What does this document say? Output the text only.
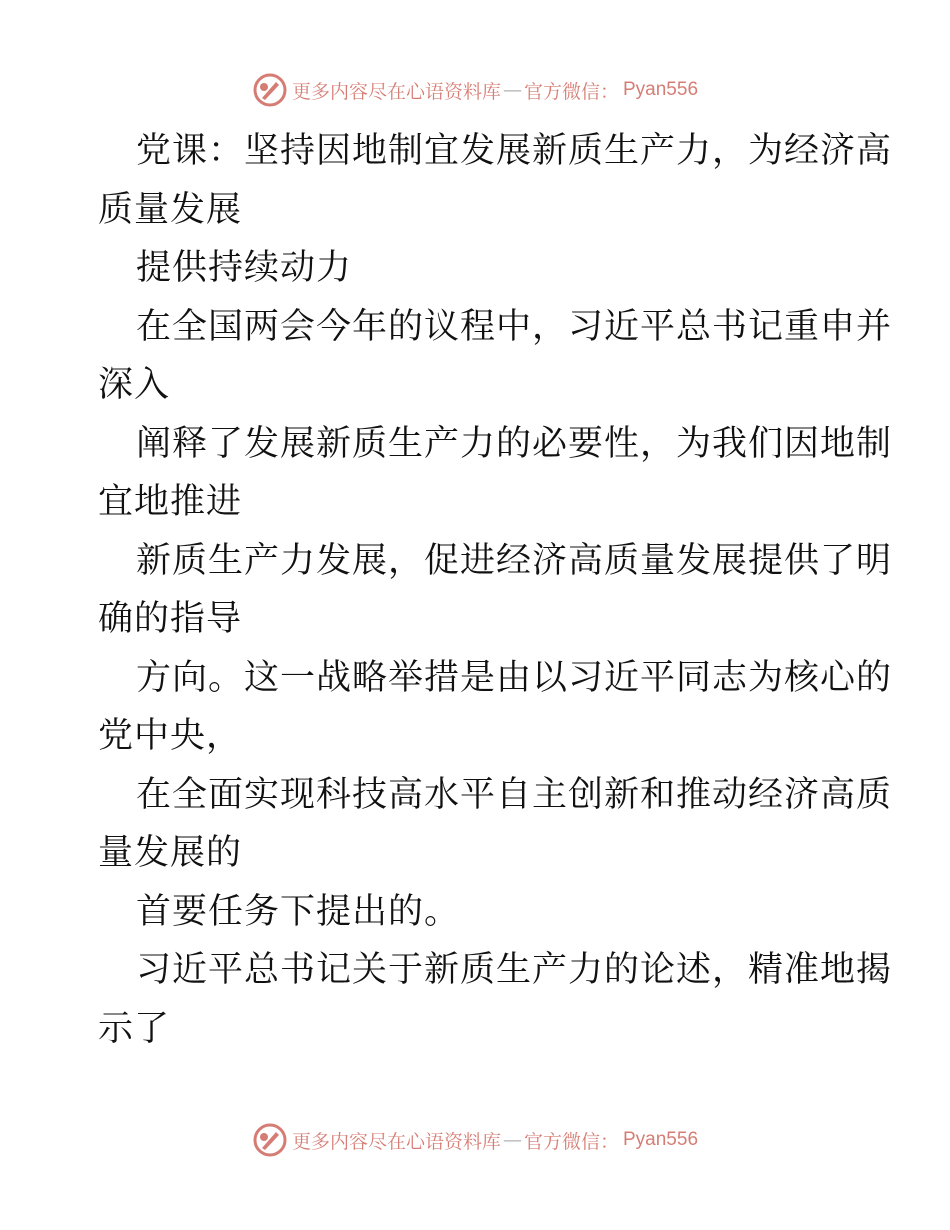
更多内容尽在心语资料库 — 官方微信： Pyan556
党课：坚持因地制宜发展新质生产力，为经济高
质量发展
提供持续动力
在全国两会今年的议程中，习近平总书记重申并
深入
阐释了发展新质生产力的必要性，为我们因地制
宜地推进
新质生产力发展，促进经济高质量发展提供了明
确的指导
方向。这一战略举措是由以习近平同志为核心的
党中央，
在全面实现科技高水平自主创新和推动经济高质
量发展的
首要任务下提出的。
习近平总书记关于新质生产力的论述，精准地揭
示了
更多内容尽在心语资料库 — 官方微信： Pyan556
